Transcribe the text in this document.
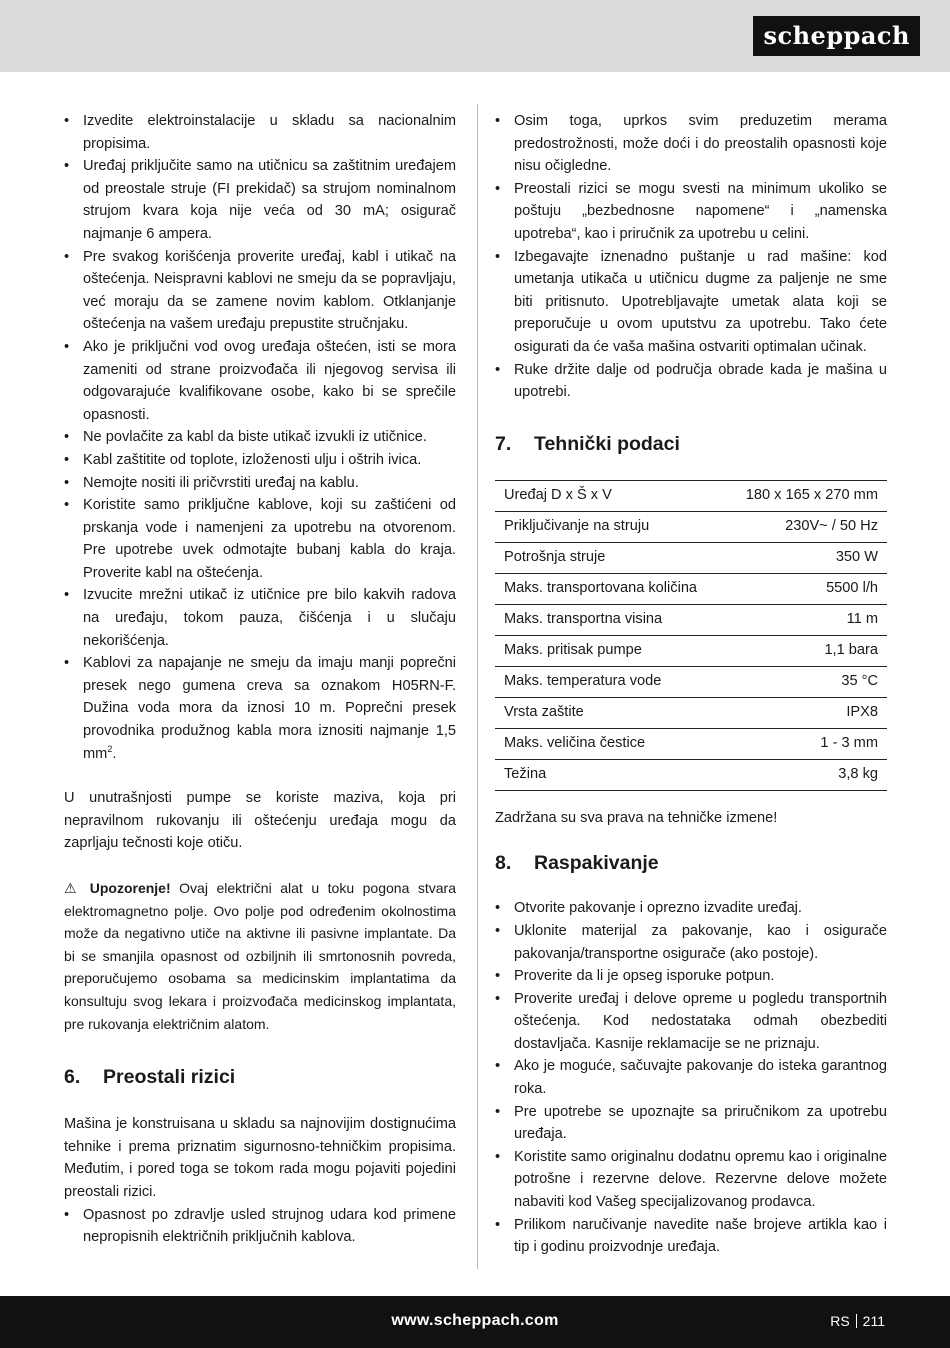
scheppach
• Izvedite elektroinstalacije u skladu sa nacionalnim propisima.
• Uređaj priključite samo na utičnicu sa zaštitnim uređajem od preostale struje (FI prekidač) sa strujom nominalnom strujom kvara koja nije veća od 30 mA; osigurač najmanje 6 ampera.
• Pre svakog korišćenja proverite uređaj, kabl i utikač na oštećenja. Neispravni kablovi ne smeju da se popravljaju, već moraju da se zamene novim kablom. Otklanjanje oštećenja na vašem uređaju prepustite stručnjaku.
• Ako je priključni vod ovog uređaja oštećen, isti se mora zameniti od strane proizvođača ili njegovog servisa ili odgovarajuće kvalifikovane osobe, kako bi se sprečile opasnosti.
• Ne povlačite za kabl da biste utikač izvukli iz utičnice.
• Kabl zaštitite od toplote, izloženosti ulju i oštrih ivica.
• Nemojte nositi ili pričvrstiti uređaj na kablu.
• Koristite samo priključne kablove, koji su zaštićeni od prskanja vode i namenjeni za upotrebu na otvorenom. Pre upotrebe uvek odmotajte bubanj kabla do kraja. Proverite kabl na oštećenja.
• Izvucite mrežni utikač iz utičnice pre bilo kakvih radova na uređaju, tokom pauza, čišćenja i u slučaju nekorišćenja.
• Kablovi za napajanje ne smeju da imaju manji poprečni presek nego gumena creva sa oznakom H05RN-F. Dužina voda mora da iznosi 10 m. Poprečni presek provodnika produžnog kabla mora iznositi najmanje 1,5 $mm^2$.

U unutrašnjosti pumpe se koriste maziva, koja pri nepravilnom rukovanju ili oštećenju uređaja mogu da zaprljaju tečnosti koje otiču.

⚠ Upozorenje! Ovaj električni alat u toku pogona stvara elektromagnetno polje. Ovo polje pod određenim okolnostima može da negativno utiče na aktivne ili pasivne implantate. Da bi se smanjila opasnost od ozbiljnih ili smrtonosnih povreda, preporučujemo osobama sa medicinskim implantatima da konsultuju svog lekara i proizvođača medicinskog implantata, pre rukovanja električnim alatom.

6. Preostali rizici

Mašina je konstruisana u skladu sa najnovijim dostignućima tehnike i prema priznatim sigurnosno-tehničkim propisima. Međutim, i pored toga se tokom rada mogu pojaviti pojedini preostali rizici.

• Opasnost po zdravlje usled strujnog udara kod primene nepropisnih električnih priključnih kablova.
• Osim toga, uprkos svim preduzetim merama predostrožnosti, može doći i do preostalih opasnosti koje nisu očigledne.
• Preostali rizici se mogu svesti na minimum ukoliko se poštuju „bezbednosne napomene“ i „namenska upotreba“, kao i priručnik za upotrebu u celini.
• Izbegavajte iznenadno puštanje u rad mašine: kod umetanja utikača u utičnicu dugme za paljenje ne sme biti pritisnuto. Upotrebljavajte umetak alata koji se preporučuje u ovom uputstvu za upotrebu. Tako ćete osigurati da će vaša mašina ostvariti optimalan učinak.
• Ruke držite dalje od područja obrade kada je mašina u upotrebi.
7. Tehnički podaci
Uređaj D x Š x V	180 x 165 x 270 mm
Priključivanje na struju	230V~ / 50 Hz
Potrošnja struje	350 W
Maks. transportovana količina	5500 l/h
Maks. transportna visina	11 m
Maks. pritisak pumpe	1,1 bara
Maks. temperatura vode	35 °C
Vrsta zaštite	IPX8
Maks. veličina čestice	1 - 3 mm
Težina	3,8 kg

Zadržana su sva prava na tehničke izmene!

8. Raspakivanje
• Otvorite pakovanje i oprezno izvadite uređaj.
• Uklonite materijal za pakovanje, kao i osigurače pakovanja/transportne osigurače (ako postoje).
• Proverite da li je opseg isporuke potpun.
• Proverite uređaj i delove opreme u pogledu transportnih oštećenja. Kod nedostataka odmah obezbediti dostavljača. Kasnije reklamacije se ne priznaju.
• Ako je moguće, sačuvajte pakovanje do isteka garantnog roka.
• Pre upotrebe se upoznajte sa priručnikom za upotrebu uređaja.
• Koristite samo originalnu dodatnu opremu kao i originalne potrošne i rezervne delove. Rezervne delove možete nabaviti kod Vašeg specijalizovanog prodavca.
• Prilikom naručivanje navedite naše brojeve artikla kao i tip i godinu proizvodnje uređaja.
www.scheppach.com	RS 211
